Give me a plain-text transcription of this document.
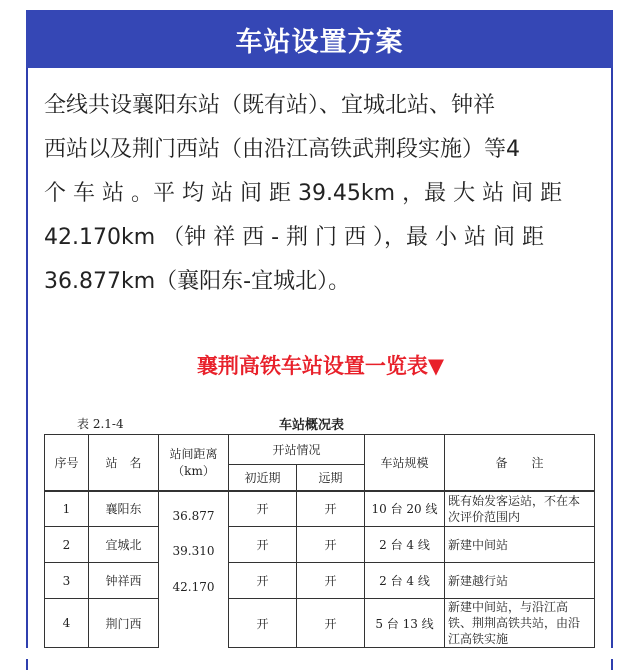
车站设置方案

全线共设襄阳东站（既有站）、宜城北站、钟祥
西站以及荆门西站（由沿江高铁武荆段实施）等4
个 车 站 。平 均 站 间 距 39.45km ，最 大 站 间 距
42.170km （钟 祥 西 - 荆 门 西 ），最 小 站 间 距
36.877km（襄阳东-宜城北）。

襄荆高铁车站设置一览表▼
表 2.1-4	车站概况表
序号	站　名	站间距离（km）	开站情况		车站规模	备　　注
			初近期	远期		
1	襄阳东	36.877	开	开	10 台 20 线	既有始发客运站，不在本次评价范围内
2	宜城北	39.310	开	开	2 台 4 线	新建中间站
3	钟祥西	42.170	开	开	2 台 4 线	新建越行站
4	荆门西		开	开	5 台 13 线	新建中间站，与沿江高铁、荆荆高铁共站，由沿江高铁实施
